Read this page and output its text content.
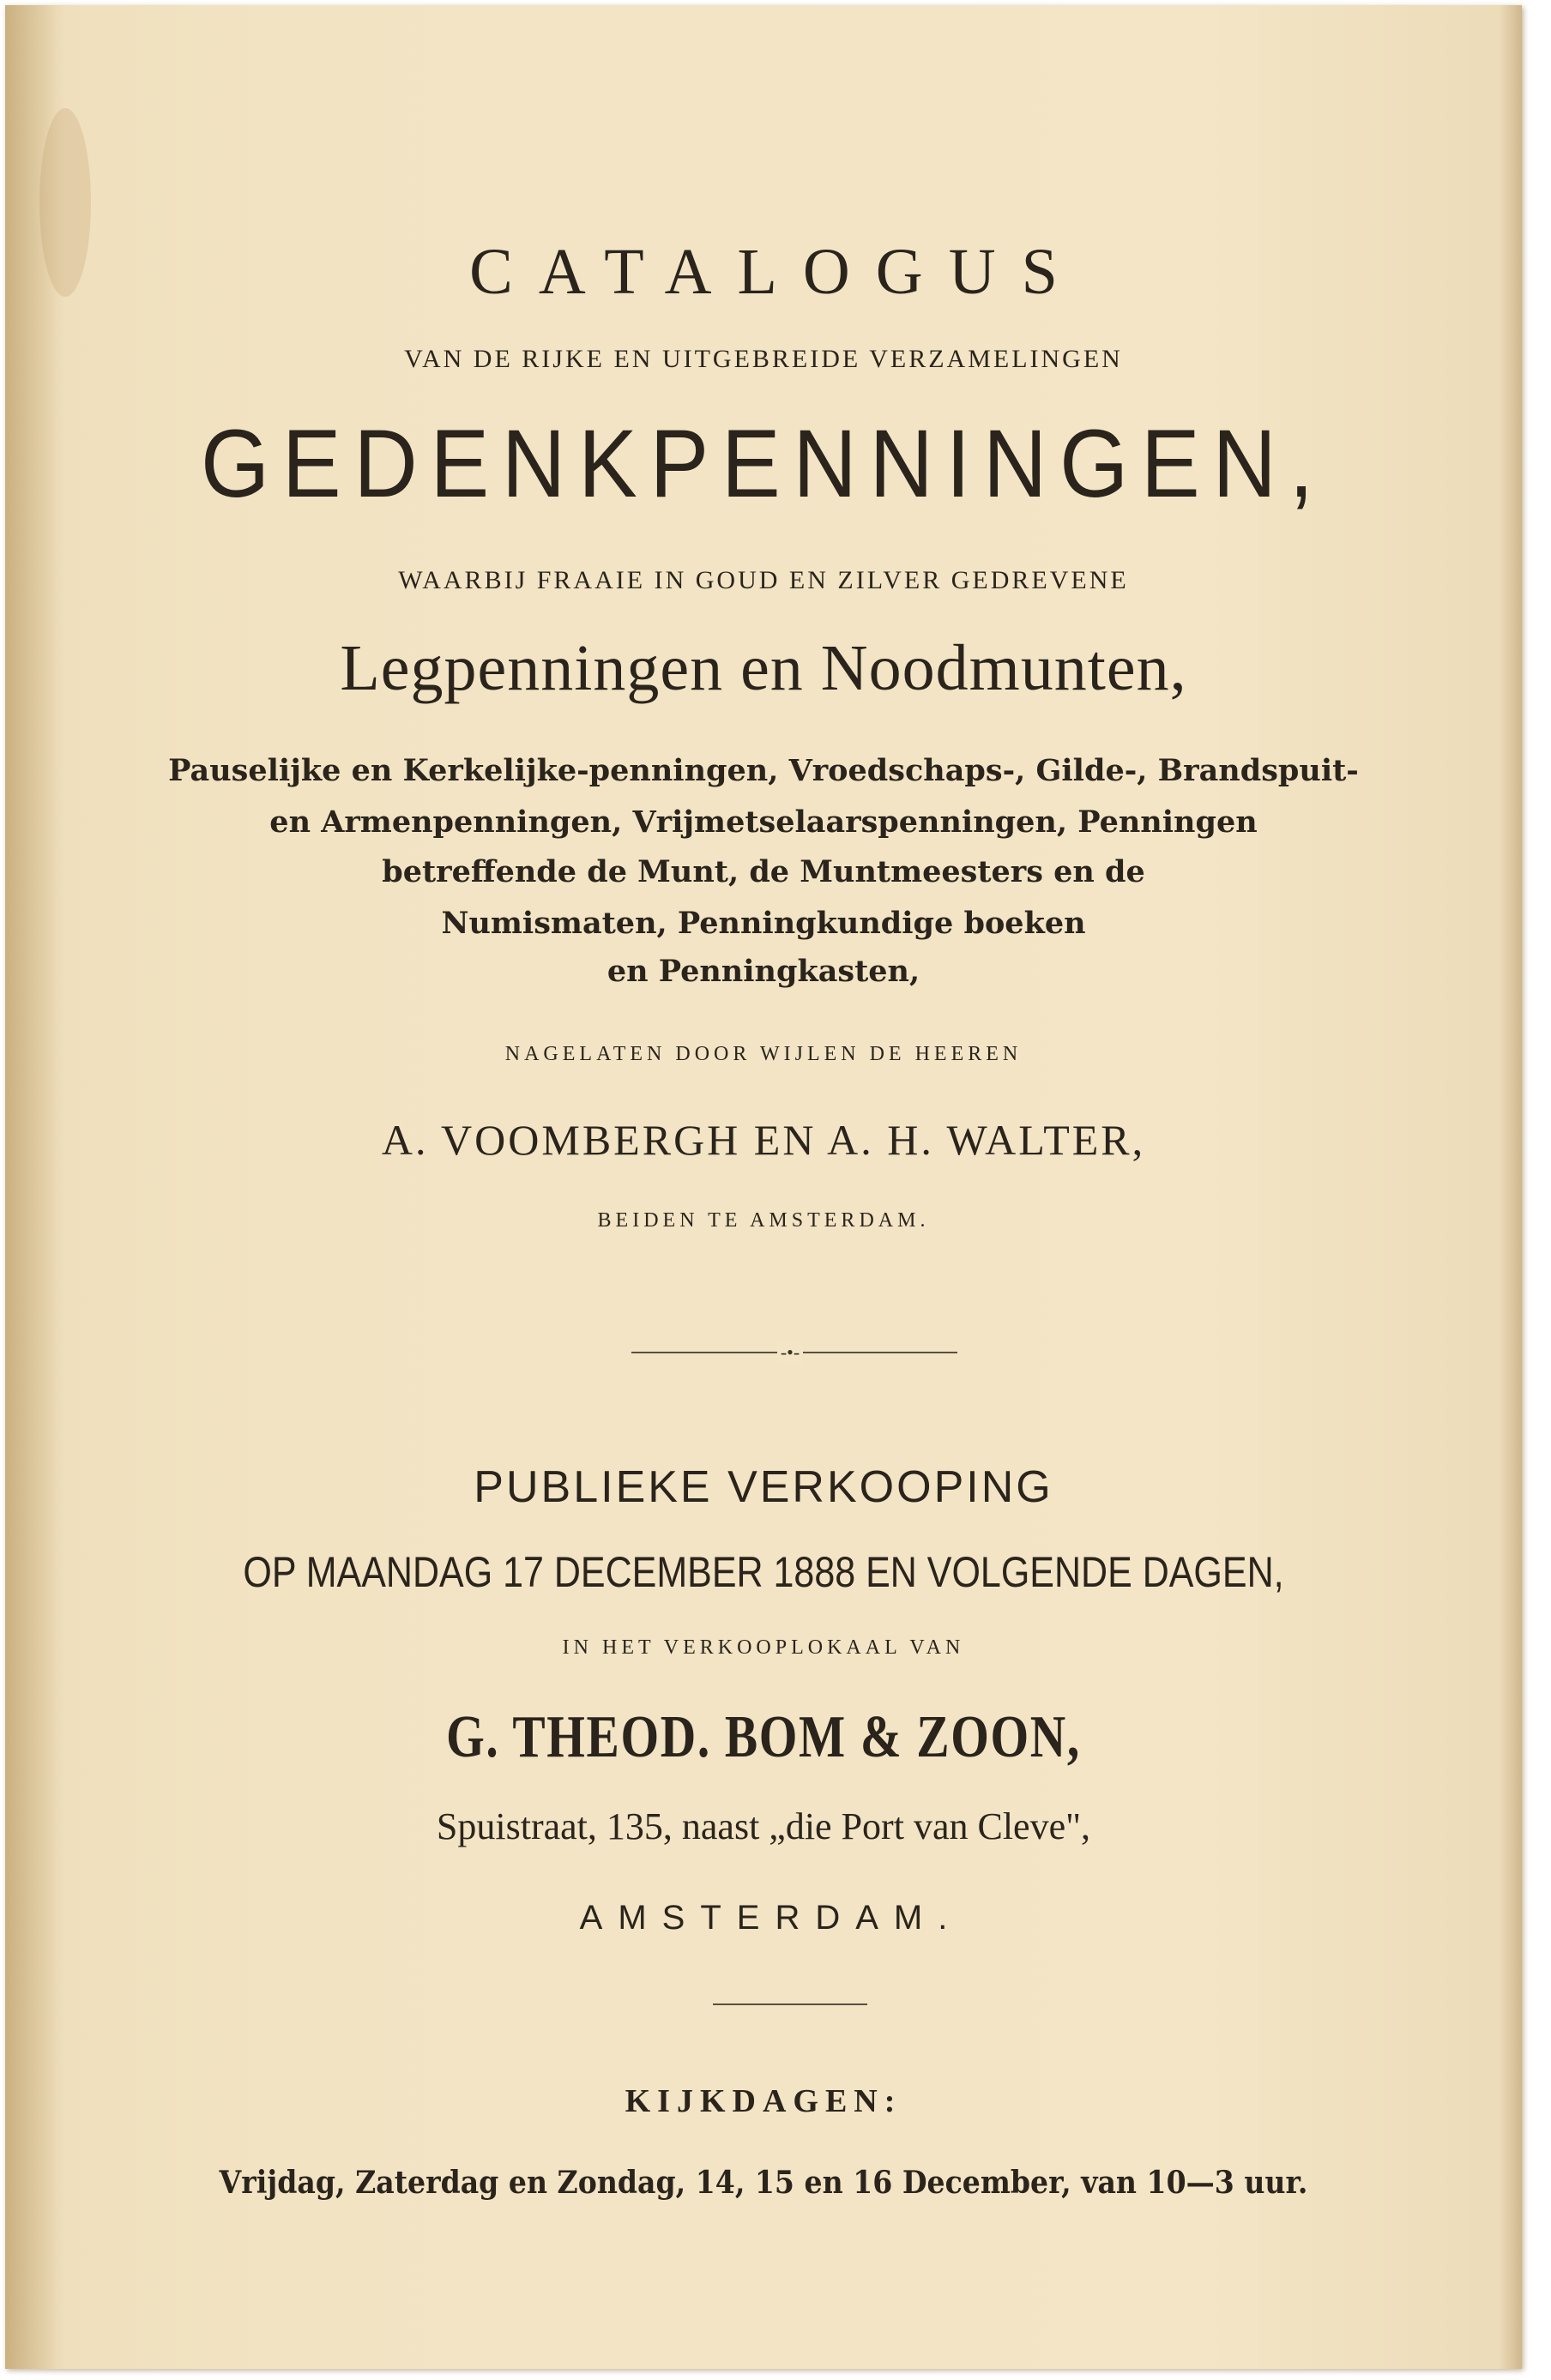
CATALOGUS
VAN DE RIJKE EN UITGEBREIDE VERZAMELINGEN
GEDENKPENNINGEN,
WAARBIJ FRAAIE IN GOUD EN ZILVER GEDREVENE
Legpenningen en Noodmunten,
Pauselijke en Kerkelijke-penningen, Vroedschaps-, Gilde-, Brandspuit-
en Armenpenningen, Vrijmetselaarspenningen, Penningen
betreffende de Munt, de Muntmeesters en de
Numismaten, Penningkundige boeken
en Penningkasten,
NAGELATEN DOOR WIJLEN DE HEEREN
A. VOOMBERGH EN A. H. WALTER,
BEIDEN TE AMSTERDAM.
-•-
PUBLIEKE VERKOOPING
OP MAANDAG 17 DECEMBER 1888 EN VOLGENDE DAGEN,
IN HET VERKOOPLOKAAL VAN
G. THEOD. BOM & ZOON,
Spuistraat, 135, naast „die Port van Cleve",
AMSTERDAM.
KIJKDAGEN:
Vrijdag, Zaterdag en Zondag, 14, 15 en 16 December, van 10—3 uur.
